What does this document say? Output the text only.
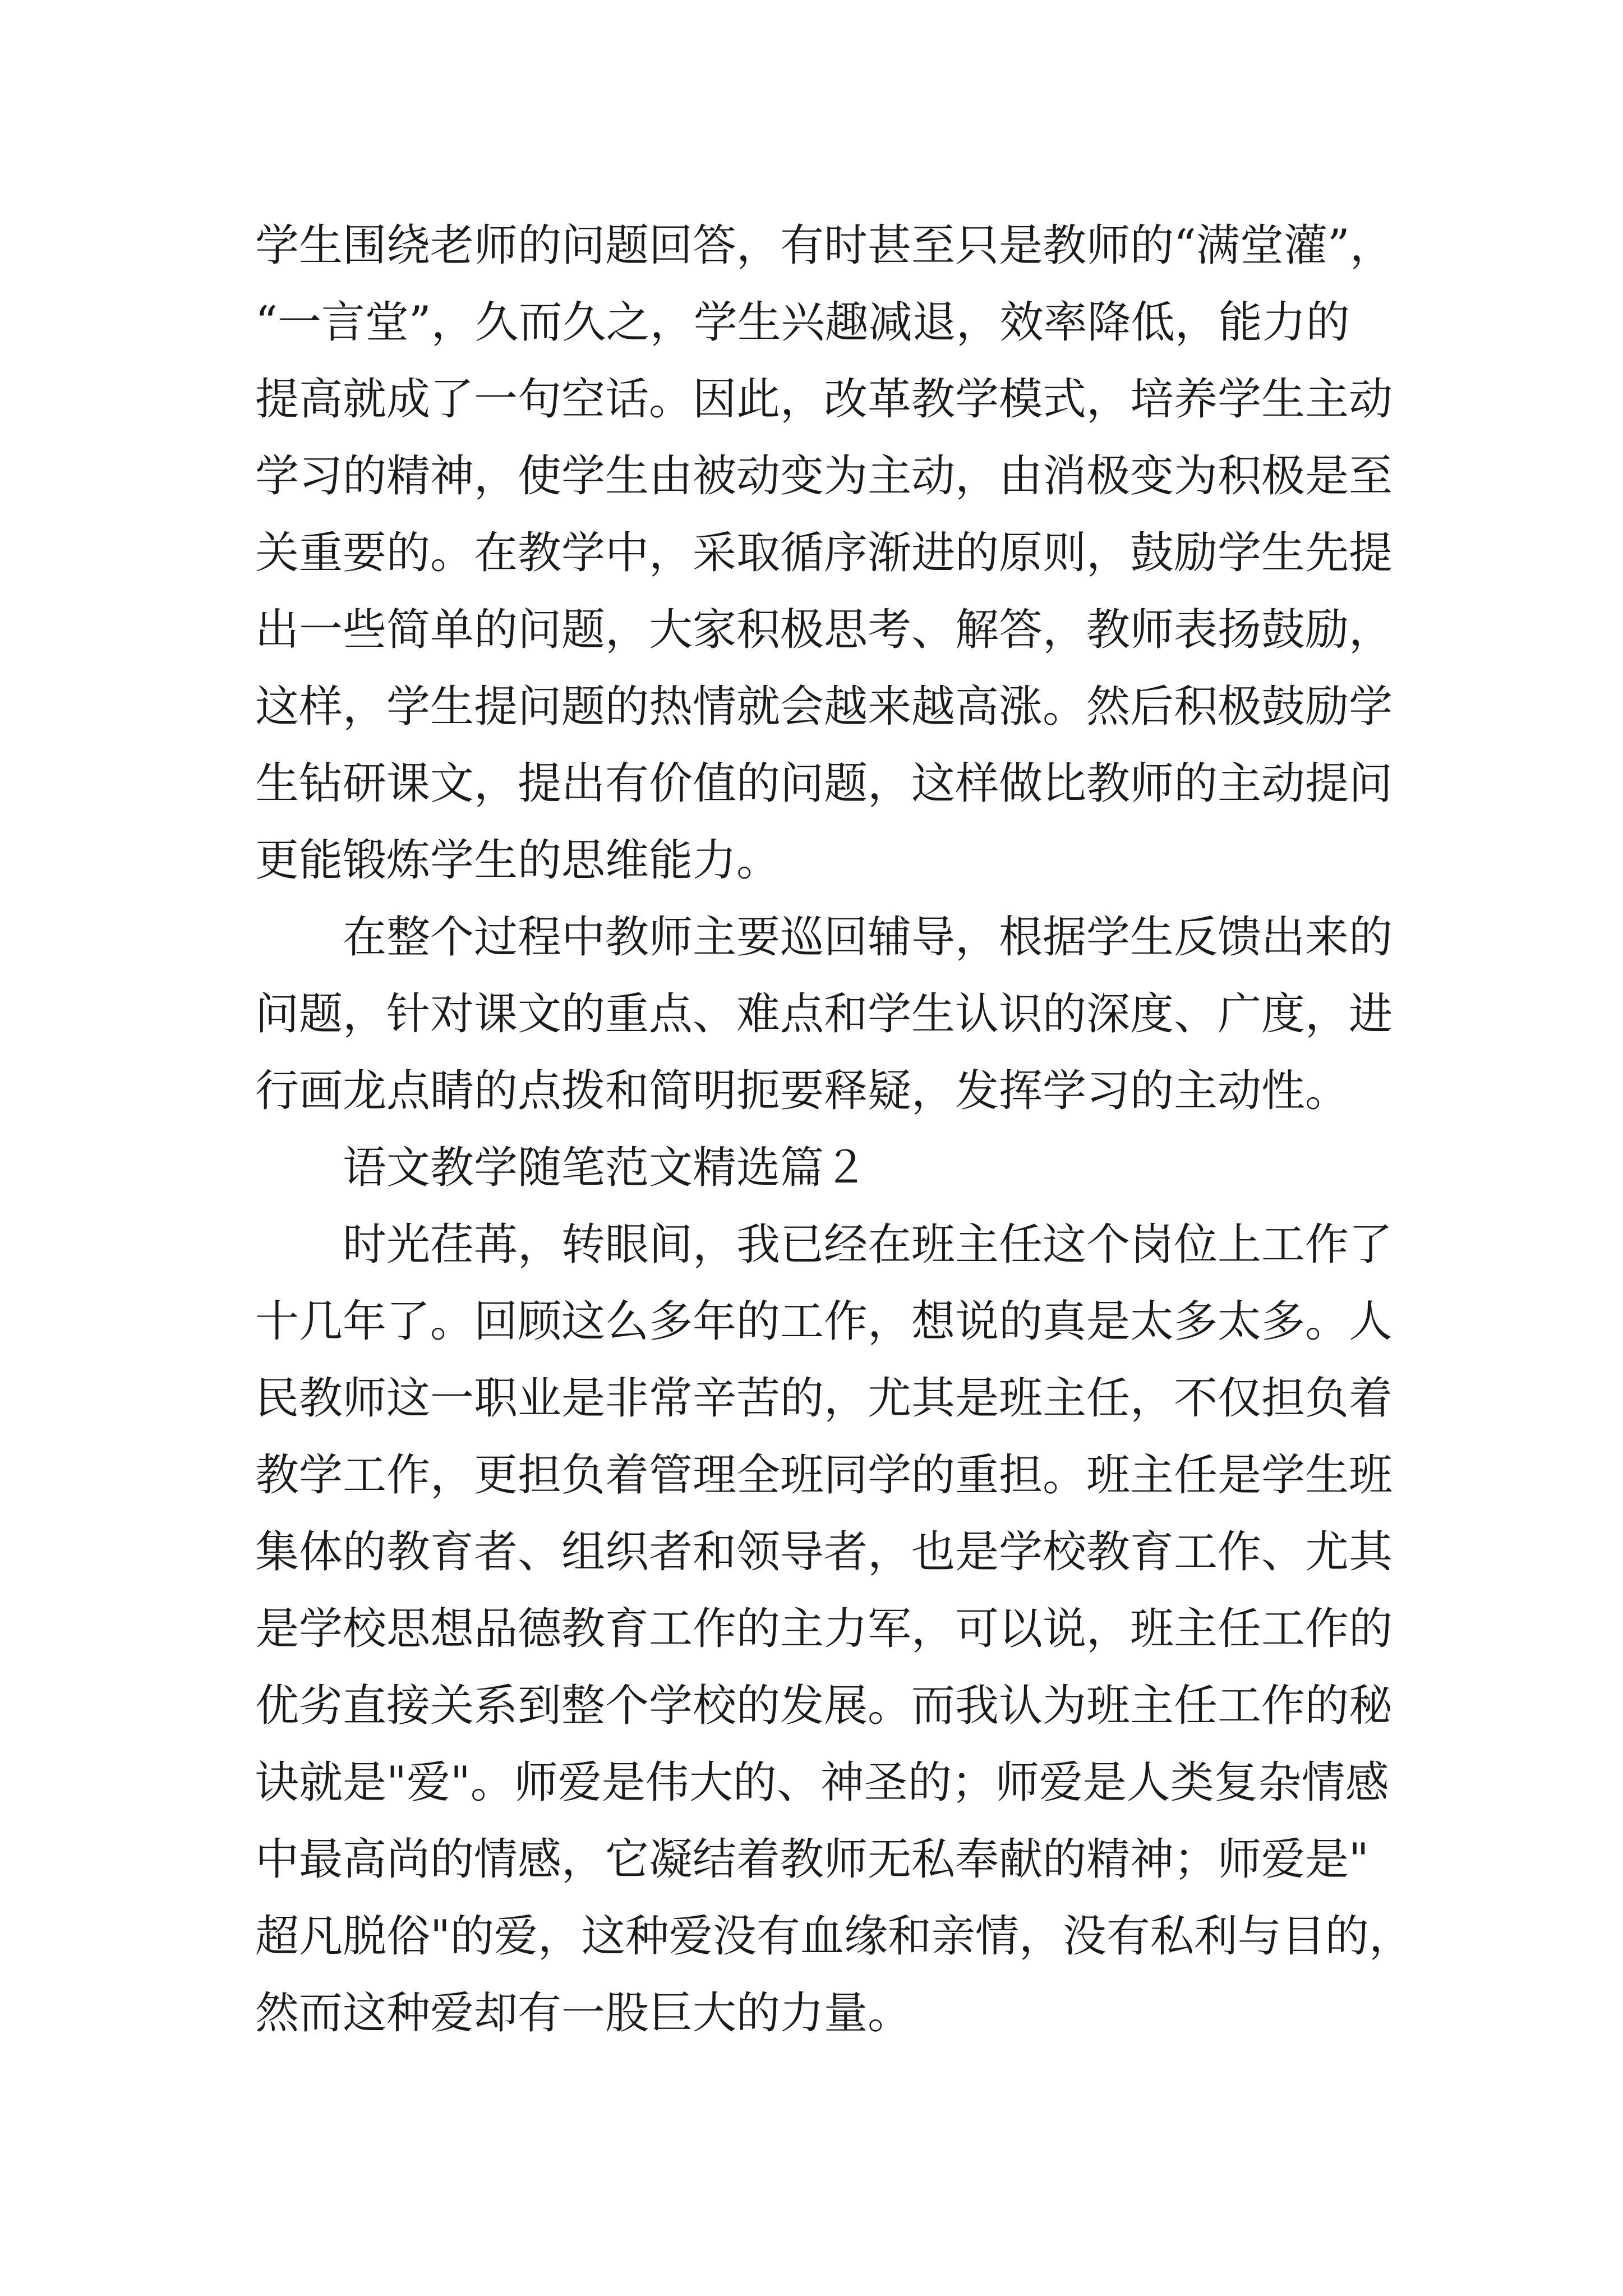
学生围绕老师的问题回答，有时甚至只是教师的“满堂灌”，
“一言堂”，久而久之，学生兴趣减退，效率降低，能力的
提高就成了一句空话。因此，改革教学模式，培养学生主动
学习的精神，使学生由被动变为主动，由消极变为积极是至
关重要的。在教学中，采取循序渐进的原则，鼓励学生先提
出一些简单的问题，大家积极思考、解答，教师表扬鼓励，
这样，学生提问题的热情就会越来越高涨。然后积极鼓励学
生钻研课文，提出有价值的问题，这样做比教师的主动提问
更能锻炼学生的思维能力。
在整个过程中教师主要巡回辅导，根据学生反馈出来的
问题，针对课文的重点、难点和学生认识的深度、广度，进
行画龙点睛的点拨和简明扼要释疑，发挥学习的主动性。
语文教学随笔范文精选篇２
时光荏苒，转眼间，我已经在班主任这个岗位上工作了
十几年了。回顾这么多年的工作，想说的真是太多太多。人
民教师这一职业是非常辛苦的，尤其是班主任，不仅担负着
教学工作，更担负着管理全班同学的重担。班主任是学生班
集体的教育者、组织者和领导者，也是学校教育工作、尤其
是学校思想品德教育工作的主力军，可以说，班主任工作的
优劣直接关系到整个学校的发展。而我认为班主任工作的秘
诀就是"爱"。师爱是伟大的、神圣的；师爱是人类复杂情感
中最高尚的情感，它凝结着教师无私奉献的精神；师爱是"
超凡脱俗"的爱，这种爱没有血缘和亲情，没有私利与目的，
然而这种爱却有一股巨大的力量。
